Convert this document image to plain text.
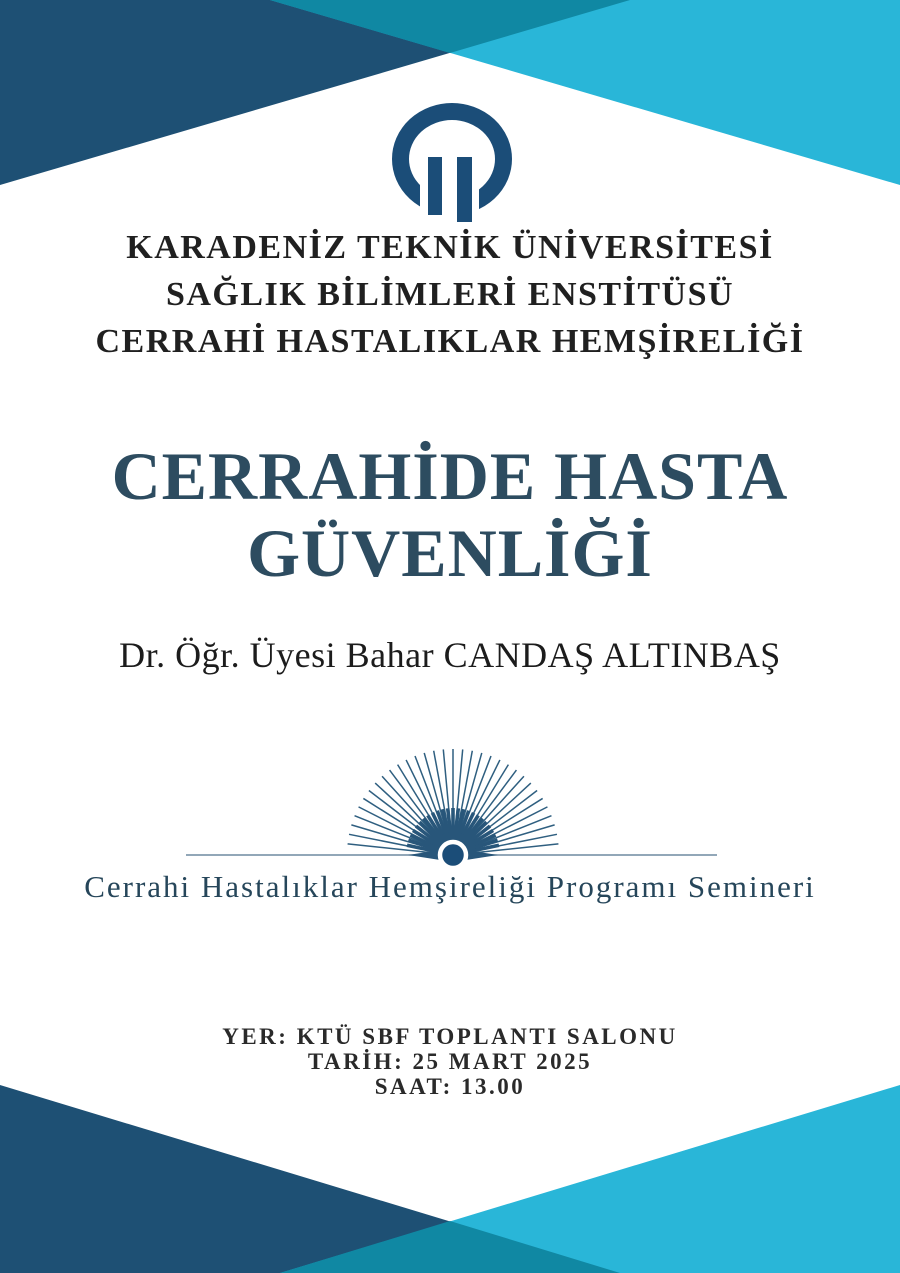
KARADENİZ TEKNİK ÜNİVERSİTESİ
SAĞLIK BİLİMLERİ ENSTİTÜSÜ
CERRAHİ HASTALIKLAR HEMŞİRELİĞİ
CERRAHİDE HASTA
GÜVENLİĞİ
Dr. Öğr. Üyesi Bahar CANDAŞ ALTINBAŞ
Cerrahi Hastalıklar Hemşireliği Programı Semineri
YER: KTÜ SBF TOPLANTI SALONU
TARİH: 25 MART 2025
SAAT: 13.00
